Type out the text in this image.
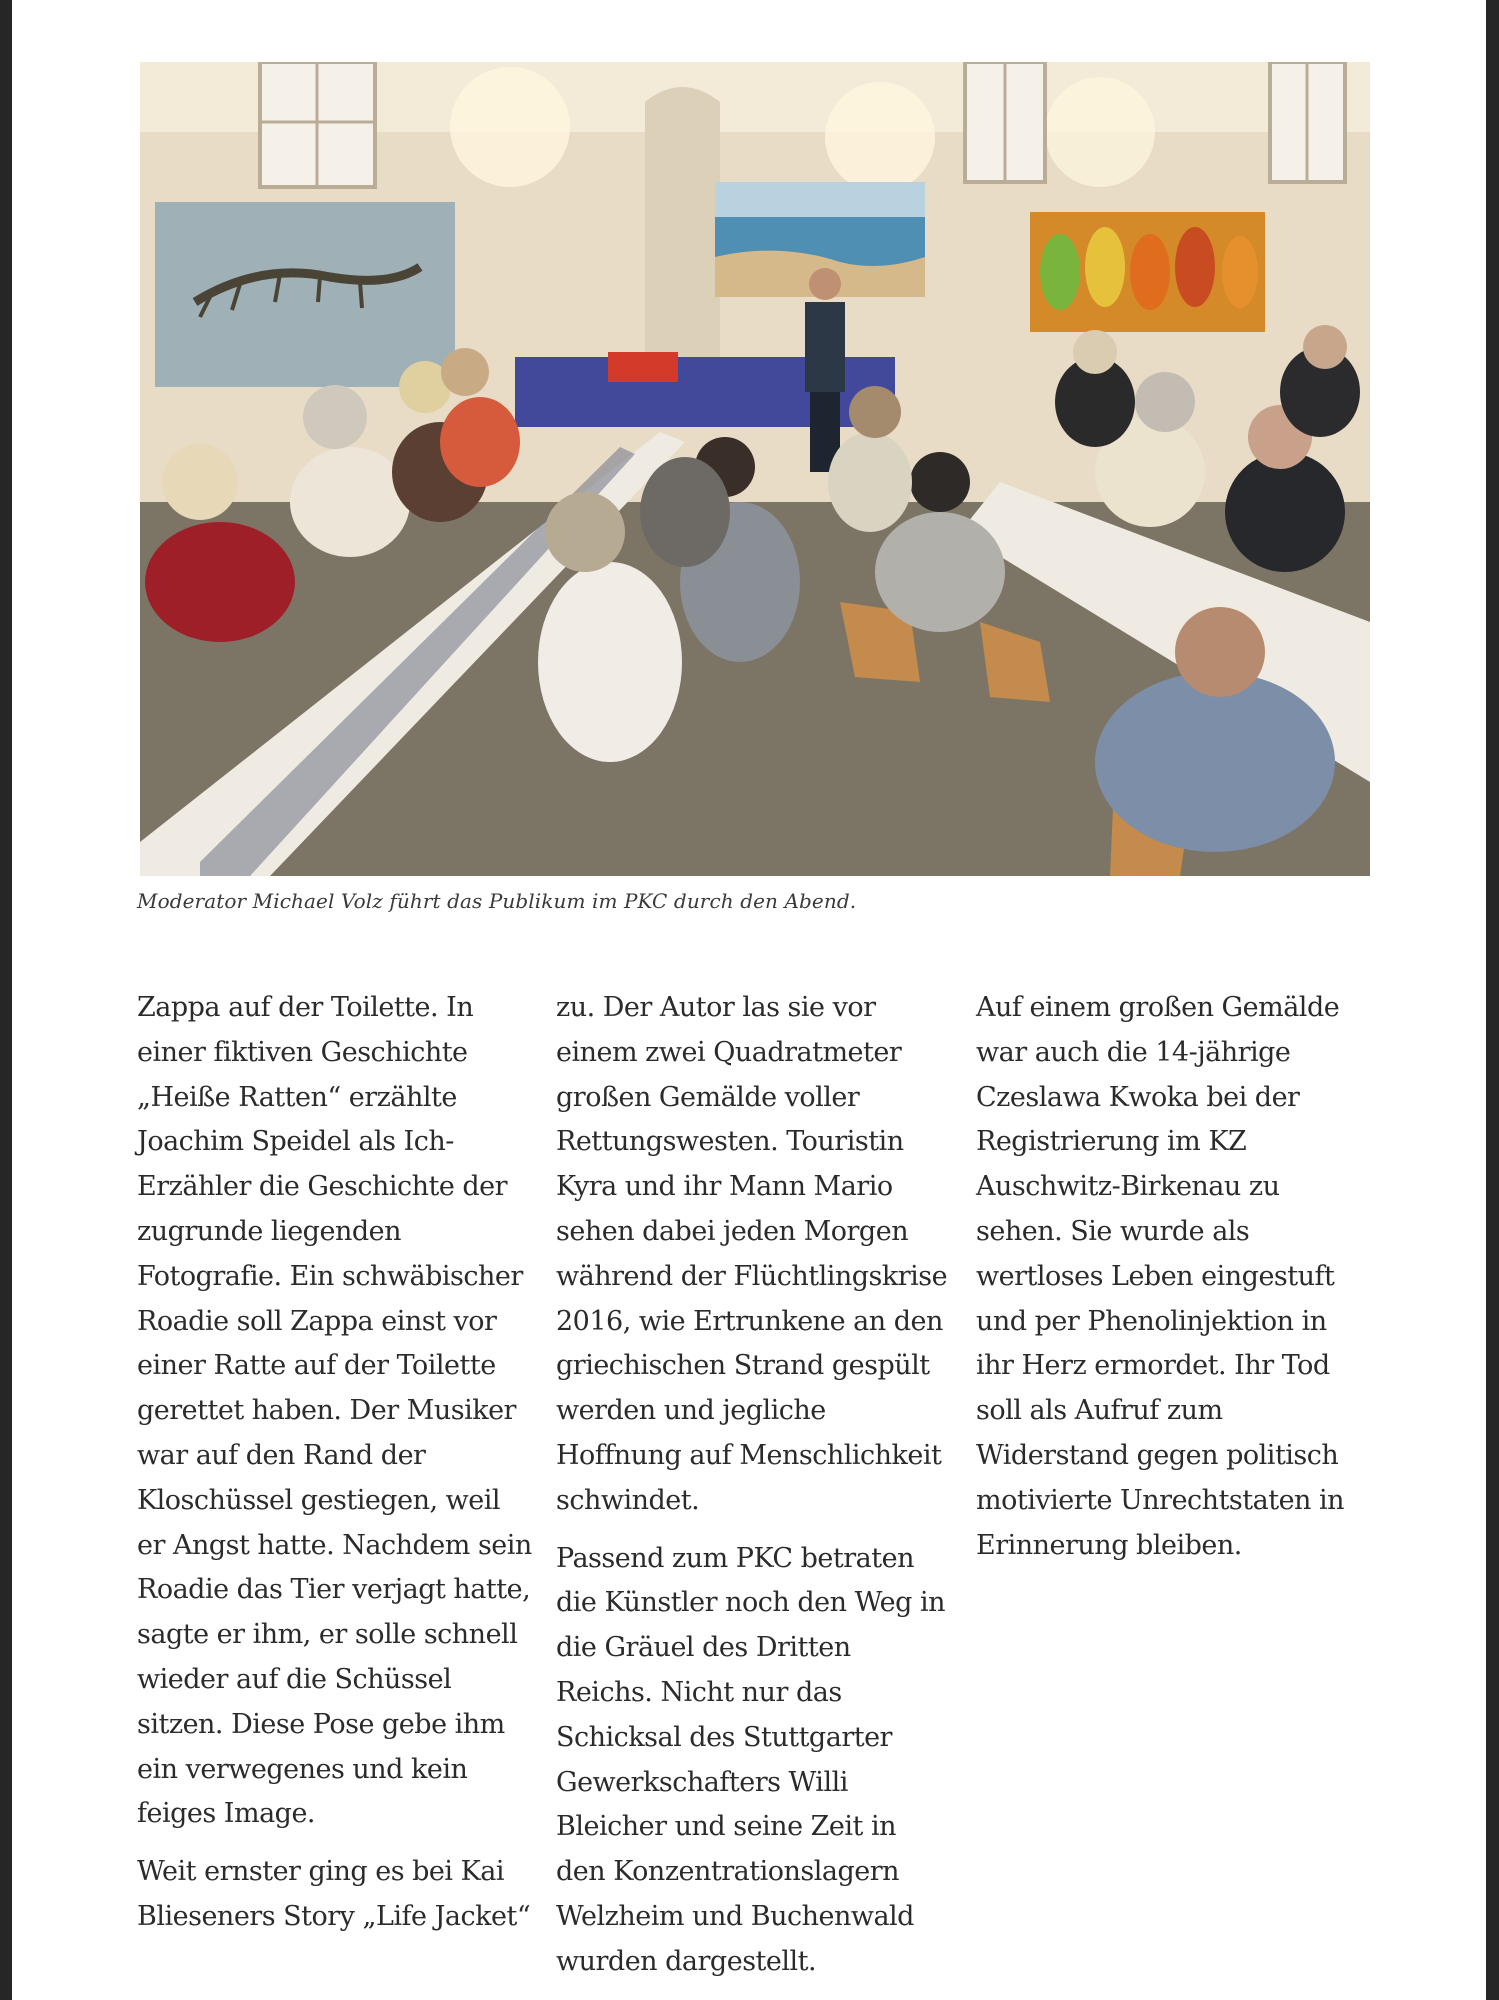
Moderator Michael Volz führt das Publikum im PKC durch den Abend.

Zappa auf der Toilette. In einer fiktiven Geschichte „Heiße Ratten“ erzählte Joachim Speidel als Ich-Erzähler die Geschichte der zugrunde liegenden Fotografie. Ein schwäbischer Roadie soll Zappa einst vor einer Ratte auf der Toilette gerettet haben. Der Musiker war auf den Rand der Kloschüssel gestiegen, weil er Angst hatte. Nachdem sein Roadie das Tier verjagt hatte, sagte er ihm, er solle schnell wieder auf die Schüssel sitzen. Diese Pose gebe ihm ein verwegenes und kein feiges Image.

Weit ernster ging es bei Kai Blieseners Story „Life Jacket“

zu. Der Autor las sie vor einem zwei Quadratmeter großen Gemälde voller Rettungswesten. Touristin Kyra und ihr Mann Mario sehen dabei jeden Morgen während der Flüchtlingskrise 2016, wie Ertrunkene an den griechischen Strand gespült werden und jegliche Hoffnung auf Menschlichkeit schwindet.

Passend zum PKC betraten die Künstler noch den Weg in die Gräuel des Dritten Reichs. Nicht nur das Schicksal des Stuttgarter Gewerkschafters Willi Bleicher und seine Zeit in den Konzentrationslagern Welzheim und Buchenwald wurden dargestellt.

Auf einem großen Gemälde war auch die 14-jährige Czeslawa Kwoka bei der Registrierung im KZ Auschwitz-Birkenau zu sehen. Sie wurde als wertloses Leben eingestuft und per Phenolinjektion in ihr Herz ermordet. Ihr Tod soll als Aufruf zum Widerstand gegen politisch motivierte Unrechtstaten in Erinnerung bleiben.
